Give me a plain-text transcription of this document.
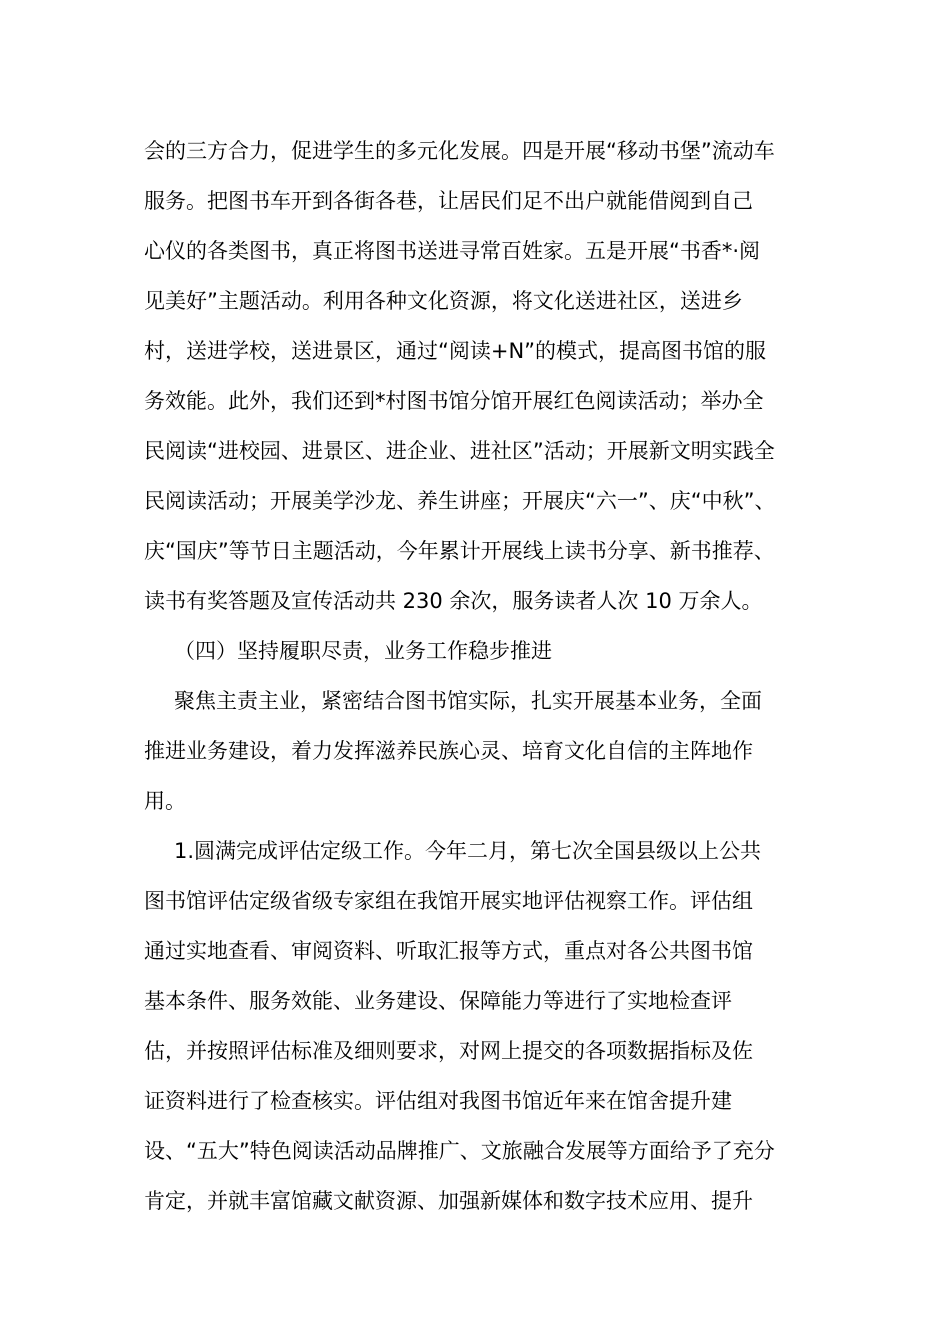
会的三方合力，促进学生的多元化发展。四是开展“移动书堡”流动车
服务。把图书车开到各街各巷，让居民们足不出户就能借阅到自己
心仪的各类图书，真正将图书送进寻常百姓家。五是开展“书香*·阅
见美好”主题活动。利用各种文化资源，将文化送进社区，送进乡
村，送进学校，送进景区，通过“阅读+N”的模式，提高图书馆的服
务效能。此外，我们还到*村图书馆分馆开展红色阅读活动；举办全
民阅读“进校园、进景区、进企业、进社区”活动；开展新文明实践全
民阅读活动；开展美学沙龙、养生讲座；开展庆“六一”、庆“中秋”、
庆“国庆”等节日主题活动，今年累计开展线上读书分享、新书推荐、
读书有奖答题及宣传活动共 230 余次，服务读者人次 10 万余人。
（四）坚持履职尽责，业务工作稳步推进
聚焦主责主业，紧密结合图书馆实际，扎实开展基本业务，全面
推进业务建设，着力发挥滋养民族心灵、培育文化自信的主阵地作
用。
1.圆满完成评估定级工作。今年二月，第七次全国县级以上公共
图书馆评估定级省级专家组在我馆开展实地评估视察工作。评估组
通过实地查看、审阅资料、听取汇报等方式，重点对各公共图书馆
基本条件、服务效能、业务建设、保障能力等进行了实地检查评
估，并按照评估标准及细则要求，对网上提交的各项数据指标及佐
证资料进行了检查核实。评估组对我图书馆近年来在馆舍提升建
设、“五大”特色阅读活动品牌推广、文旅融合发展等方面给予了充分
肯定，并就丰富馆藏文献资源、加强新媒体和数字技术应用、提升
